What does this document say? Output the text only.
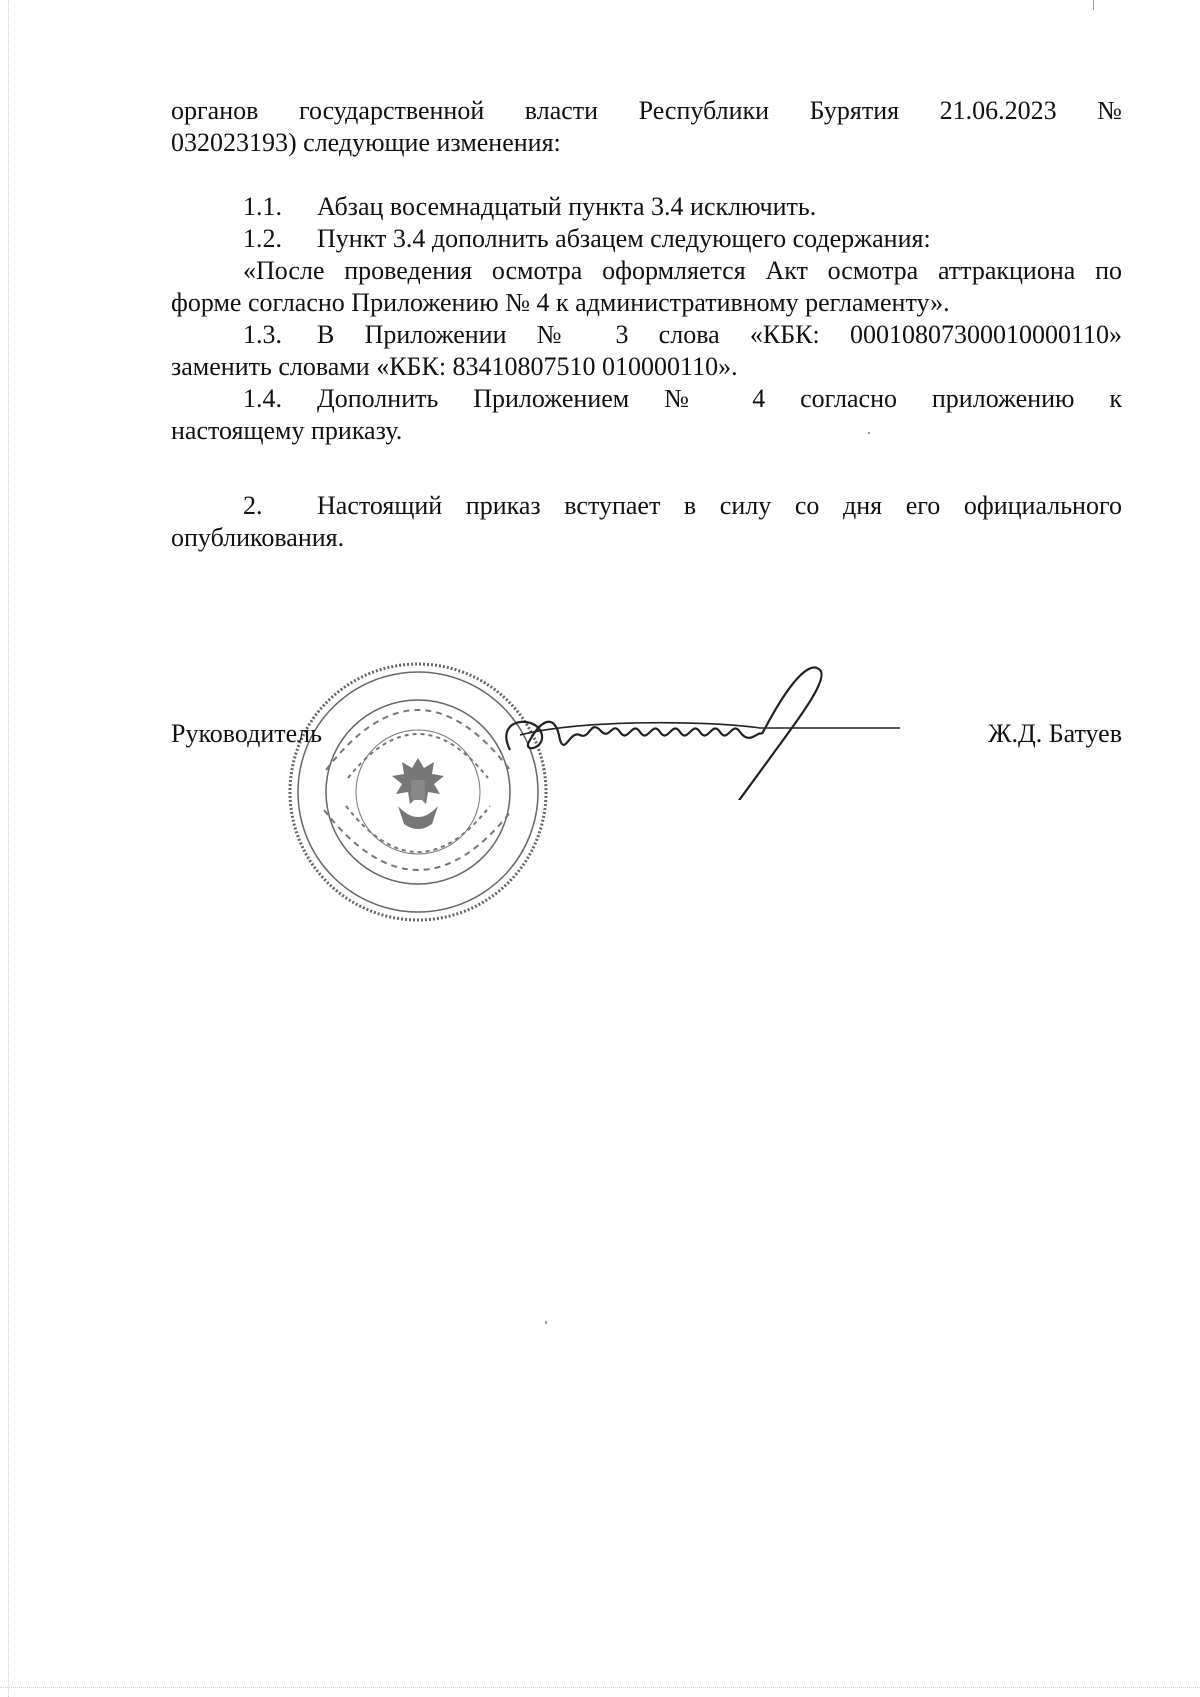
органов государственной власти Республики Бурятия 21.06.2023 №
032023193) следующие изменения:
1.1. Абзац восемнадцатый пункта 3.4 исключить.
1.2. Пункт 3.4 дополнить абзацем следующего содержания:
«После проведения осмотра оформляется Акт осмотра аттракциона по
форме согласно Приложению № 4 к административному регламенту».
1.3. В Приложении № 3 слова «КБК: 00010807300010000110»
заменить словами «КБК: 83410807510 010000110».
1.4. Дополнить Приложением № 4 согласно приложению к
настоящему приказу.
2. Настоящий приказ вступает в силу со дня его официального
опубликования.
Руководитель	Ж.Д. Батуев
